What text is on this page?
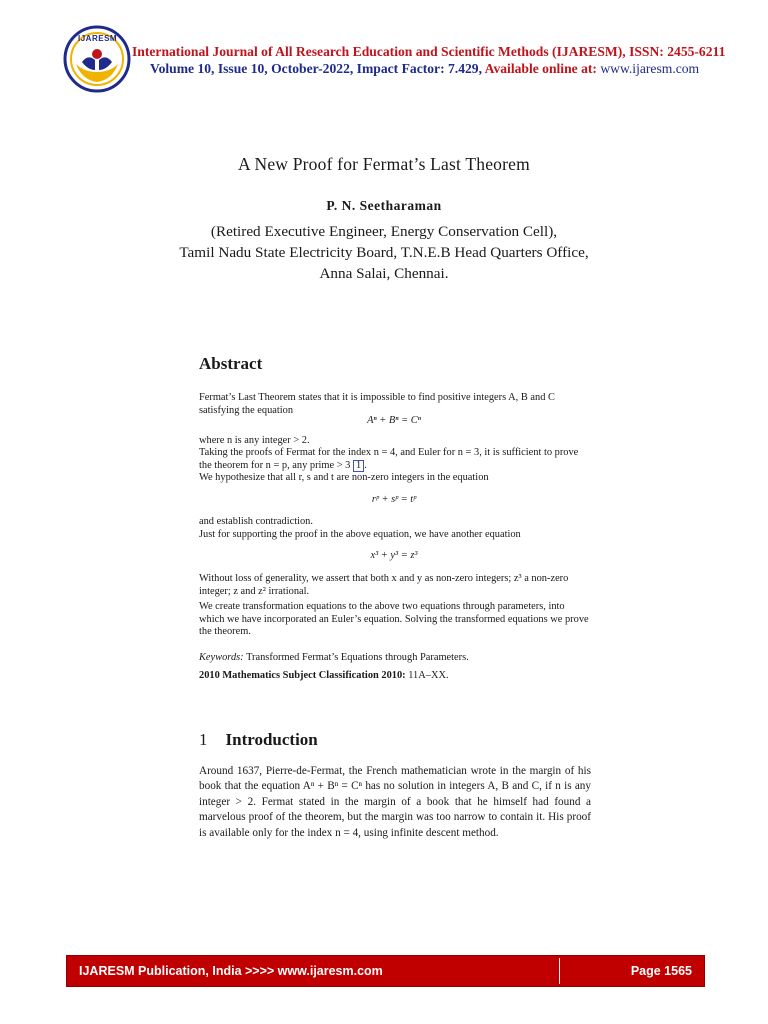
IJARESM
International Journal of All Research Education and Scientific Methods (IJARESM), ISSN: 2455-6211
Volume 10, Issue 10, October-2022, Impact Factor: 7.429, Available online at: www.ijaresm.com
A New Proof for Fermat’s Last Theorem
P. N. Seetharaman
(Retired Executive Engineer, Energy Conservation Cell),
Tamil Nadu State Electricity Board, T.N.E.B Head Quarters Office,
Anna Salai, Chennai.
Abstract
Fermat’s Last Theorem states that it is impossible to find positive integers A, B and C satisfying the equation
Aⁿ + Bⁿ = Cⁿ
where n is any integer > 2.
Taking the proofs of Fermat for the index n = 4, and Euler for n = 3, it is sufficient to prove the theorem for n = p, any prime > 3 1 .
We hypothesize that all r, s and t are non-zero integers in the equation
rᵖ + sᵖ = tᵖ
and establish contradiction.
Just for supporting the proof in the above equation, we have another equation
x³ + y³ = z³
Without loss of generality, we assert that both x and y as non-zero integers; z³ a non-zero integer; z and z² irrational.
We create transformation equations to the above two equations through parameters, into which we have incorporated an Euler’s equation. Solving the transformed equations we prove the theorem.
Keywords: Transformed Fermat’s Equations through Parameters.
2010 Mathematics Subject Classification 2010: 11A–XX.
1 Introduction
Around 1637, Pierre-de-Fermat, the French mathematician wrote in the margin of his book that the equation Aⁿ + Bⁿ = Cⁿ has no solution in integers A, B and C, if n is any integer > 2. Fermat stated in the margin of a book that he himself had found a marvelous proof of the theorem, but the margin was too narrow to contain it. His proof is available only for the index n = 4, using infinite descent method.
IJARESM Publication, India >>>> www.ijaresm.com	Page 1565
